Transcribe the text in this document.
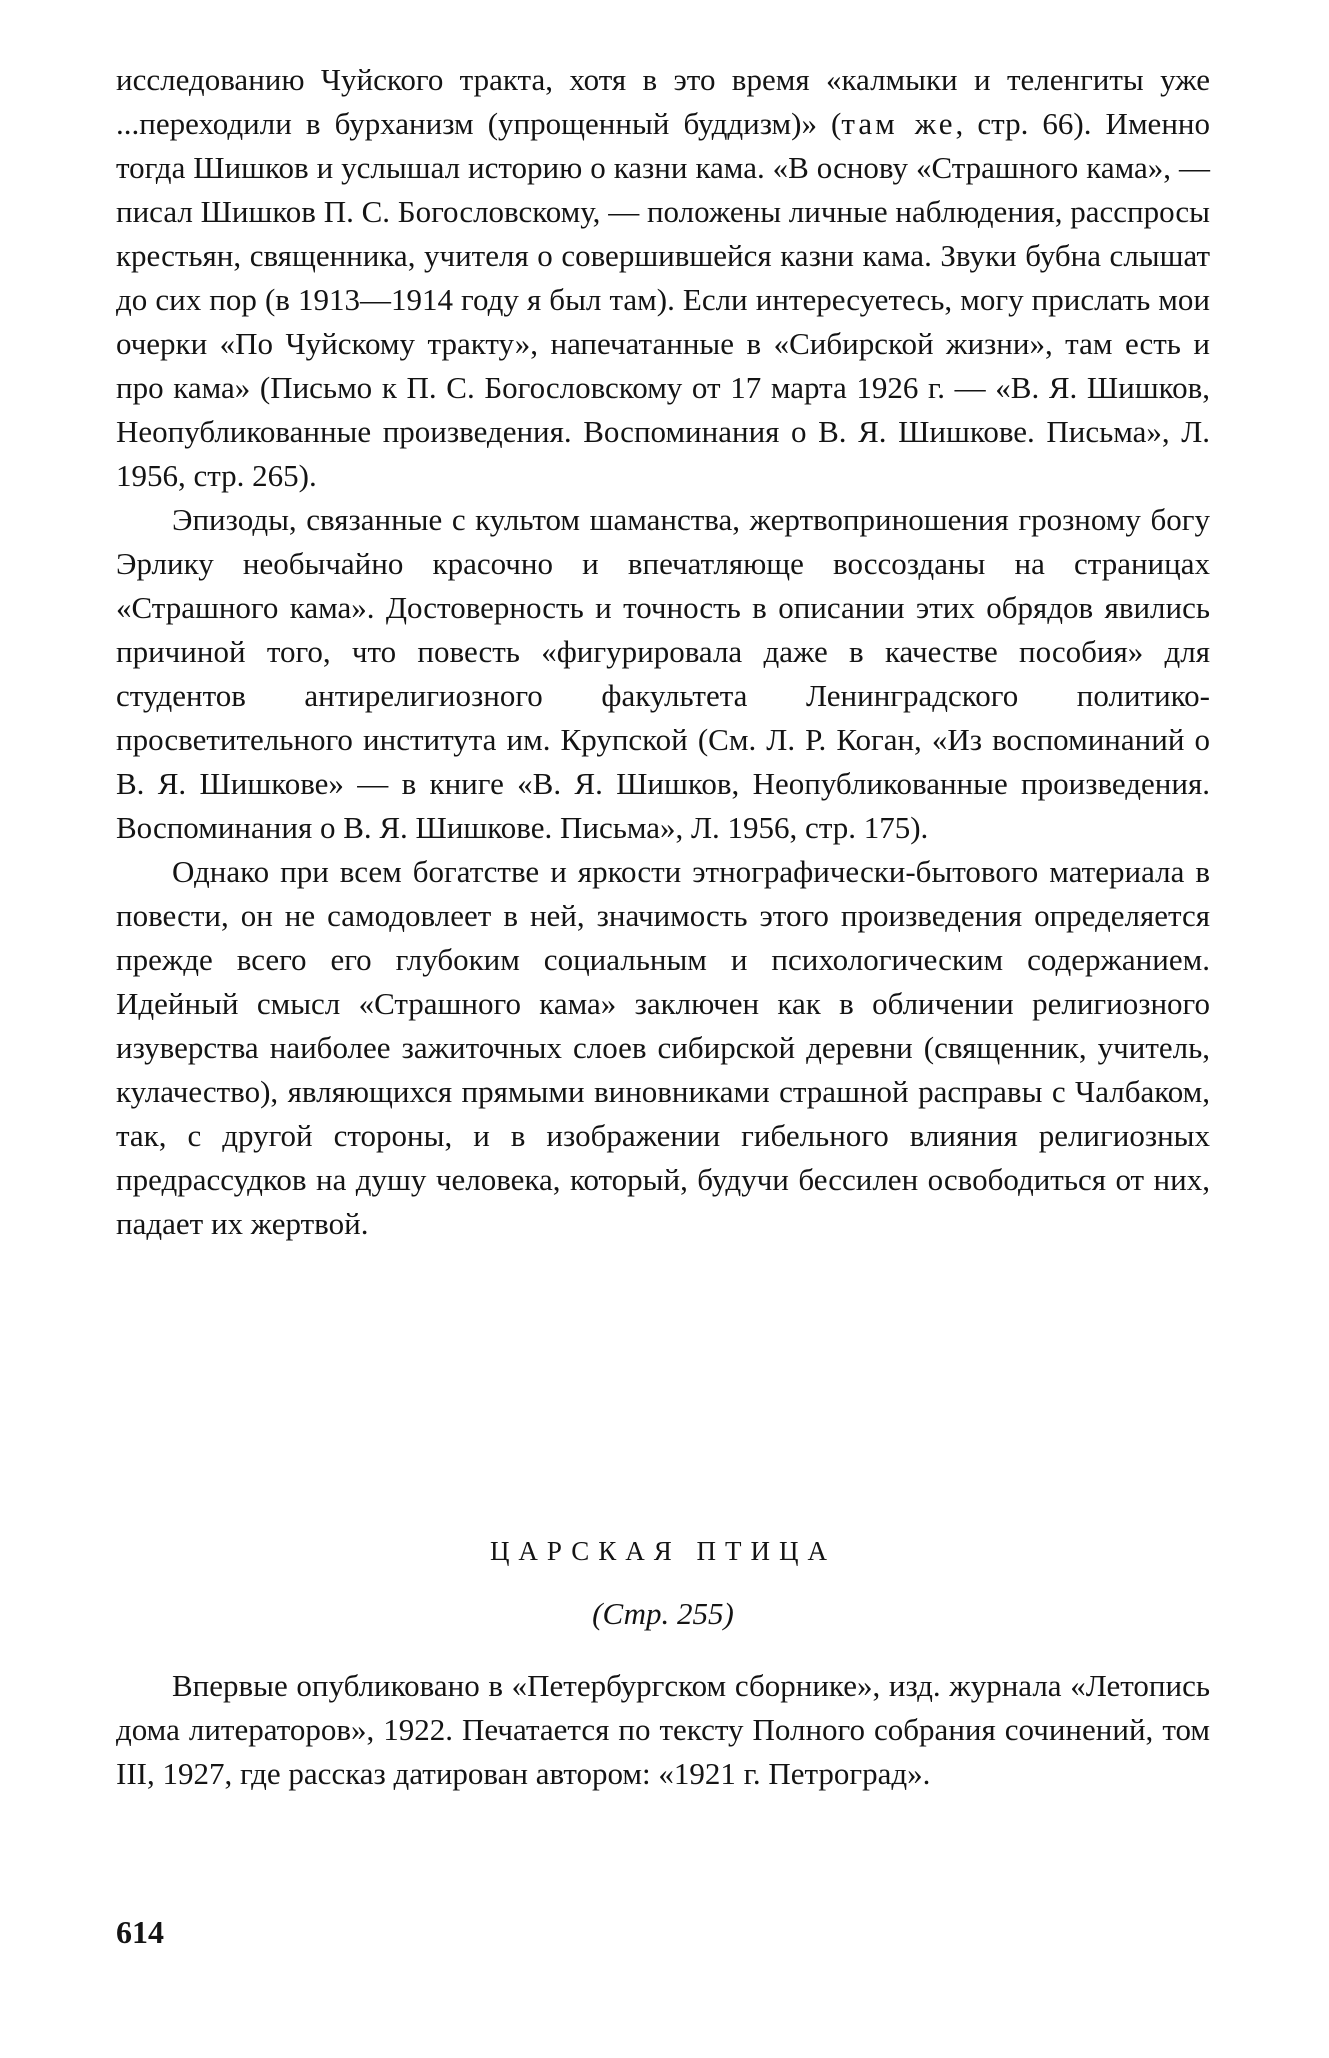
исследованию Чуйского тракта, хотя в это время «калмыки и теленгиты уже ...переходили в бурханизм (упрощенный буддизм)» (там же, стр. 66). Именно тогда Шишков и услышал историю о казни кама. «В основу «Страшного кама», — писал Шишков П. С. Богословскому, — положены личные наблюдения, расспросы крестьян, священника, учителя о совершившейся казни кама. Звуки бубна слышат до сих пор (в 1913—1914 году я был там). Если интересуетесь, могу прислать мои очерки «По Чуйскому тракту», напечатанные в «Сибирской жизни», там есть и про кама» (Письмо к П. С. Богословскому от 17 марта 1926 г. — «В. Я. Шишков, Неопубликованные произведения. Воспоминания о В. Я. Шишкове. Письма», Л. 1956, стр. 265).

Эпизоды, связанные с культом шаманства, жертвоприношения грозному богу Эрлику необычайно красочно и впечатляюще воссозданы на страницах «Страшного кама». Достоверность и точность в описании этих обрядов явились причиной того, что повесть «фигурировала даже в качестве пособия» для студентов антирелигиозного факультета Ленинградского политико-просветительного института им. Крупской (См. Л. Р. Коган, «Из воспоминаний о В. Я. Шишкове» — в книге «В. Я. Шишков, Неопубликованные произведения. Воспоминания о В. Я. Шишкове. Письма», Л. 1956, стр. 175).

Однако при всем богатстве и яркости этнографически-бытового материала в повести, он не самодовлеет в ней, значимость этого произведения определяется прежде всего его глубоким социальным и психологическим содержанием. Идейный смысл «Страшного кама» заключен как в обличении религиозного изуверства наиболее зажиточных слоев сибирской деревни (священник, учитель, кулачество), являющихся прямыми виновниками страшной расправы с Чалбаком, так, с другой стороны, и в изображении гибельного влияния религиозных предрассудков на душу человека, который, будучи бессилен освободиться от них, падает их жертвой.

ЦАРСКАЯ ПТИЦА
(Стр. 255)

Впервые опубликовано в «Петербургском сборнике», изд. журнала «Летопись дома литераторов», 1922. Печатается по тексту Полного собрания сочинений, том III, 1927, где рассказ датирован автором: «1921 г. Петроград».

614
